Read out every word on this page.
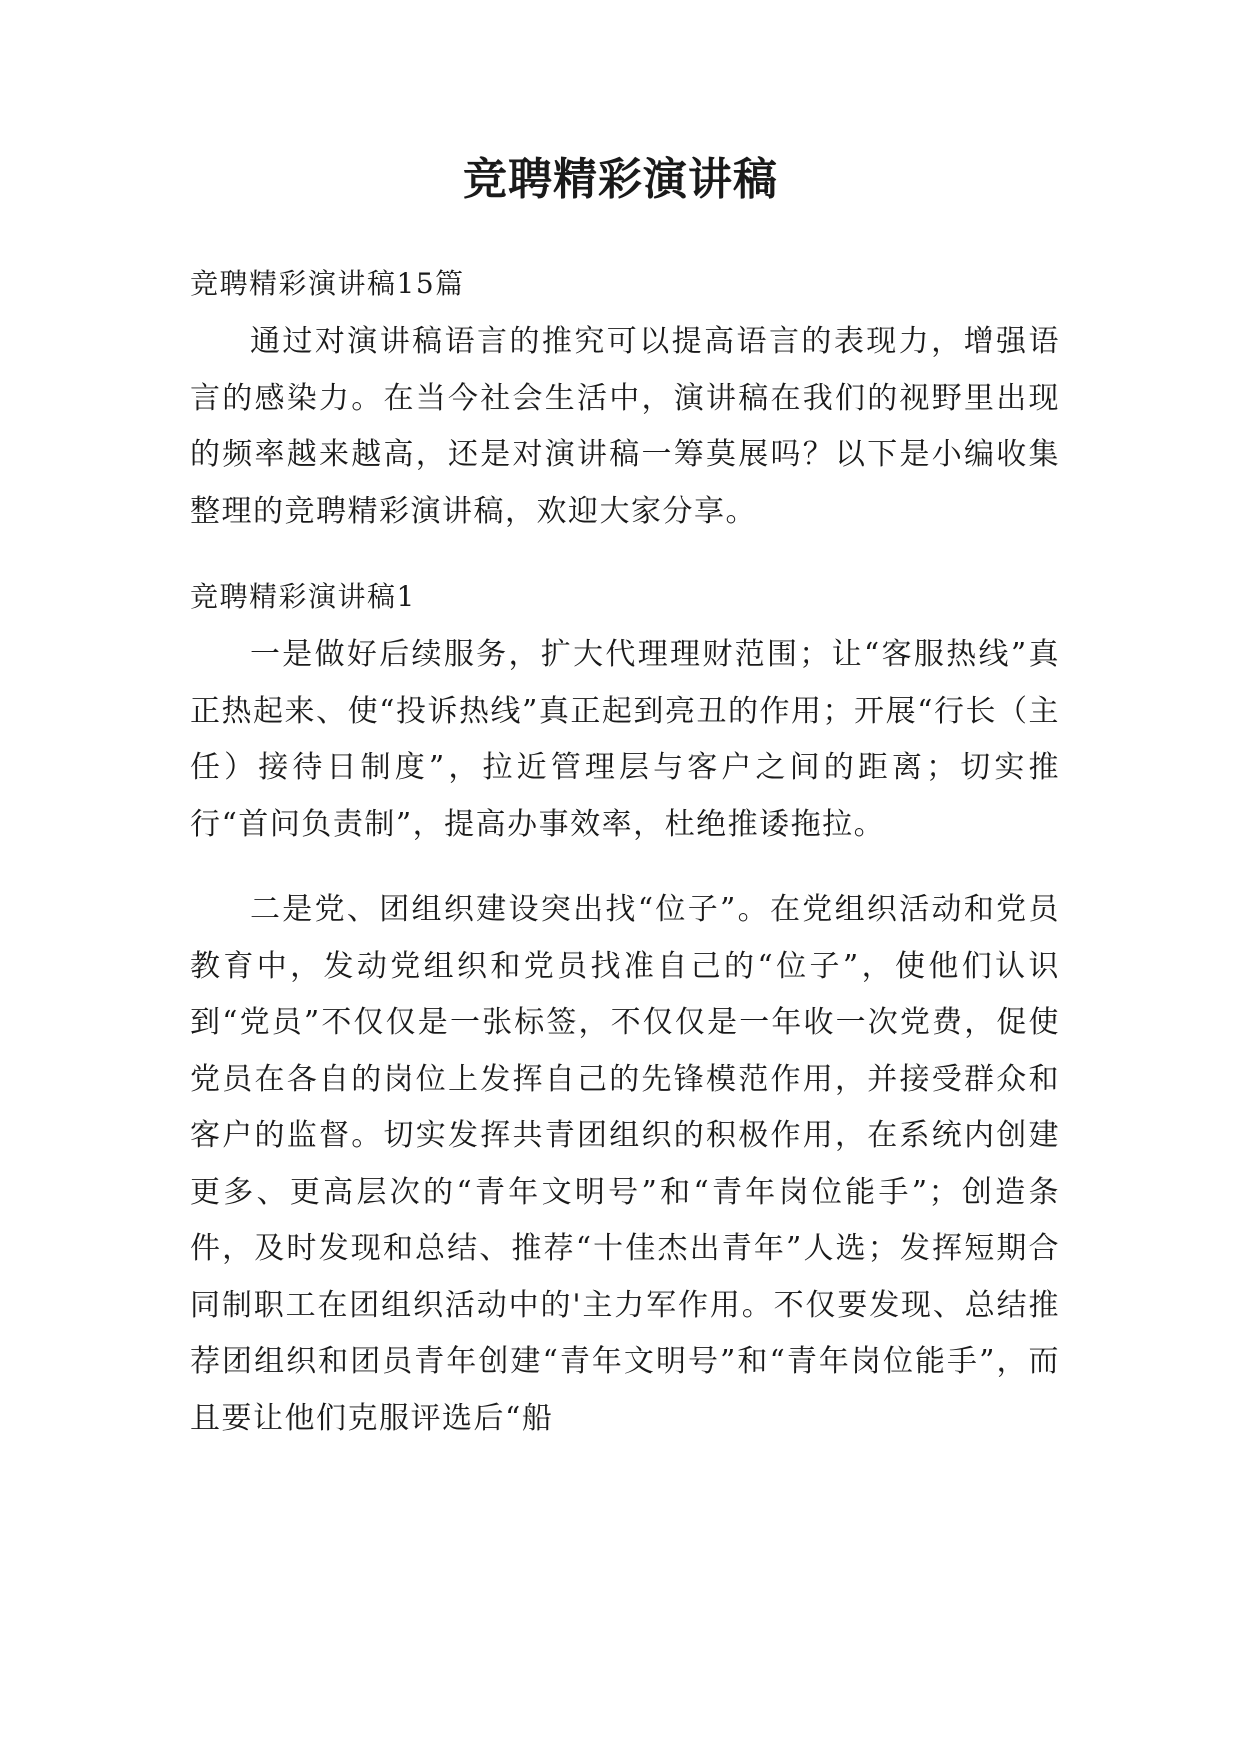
竞聘精彩演讲稿
竞聘精彩演讲稿15篇

通过对演讲稿语言的推究可以提高语言的表现力，增强语言的感染力。在当今社会生活中，演讲稿在我们的视野里出现的频率越来越高，还是对演讲稿一筹莫展吗？以下是小编收集整理的竞聘精彩演讲稿，欢迎大家分享。

竞聘精彩演讲稿1

一是做好后续服务，扩大代理理财范围；让“客服热线”真正热起来、使“投诉热线”真正起到亮丑的作用；开展“行长（主任）接待日制度”，拉近管理层与客户之间的距离；切实推行“首问负责制”，提高办事效率，杜绝推诿拖拉。

二是党、团组织建设突出找“位子”。在党组织活动和党员教育中，发动党组织和党员找准自己的“位子”，使他们认识到“党员”不仅仅是一张标签，不仅仅是一年收一次党费，促使党员在各自的岗位上发挥自己的先锋模范作用，并接受群众和客户的监督。切实发挥共青团组织的积极作用，在系统内创建更多、更高层次的“青年文明号”和“青年岗位能手”；创造条件，及时发现和总结、推荐“十佳杰出青年”人选；发挥短期合同制职工在团组织活动中的'主力军作用。不仅要发现、总结推荐团组织和团员青年创建“青年文明号”和“青年岗位能手”，而且要让他们克服评选后“船
